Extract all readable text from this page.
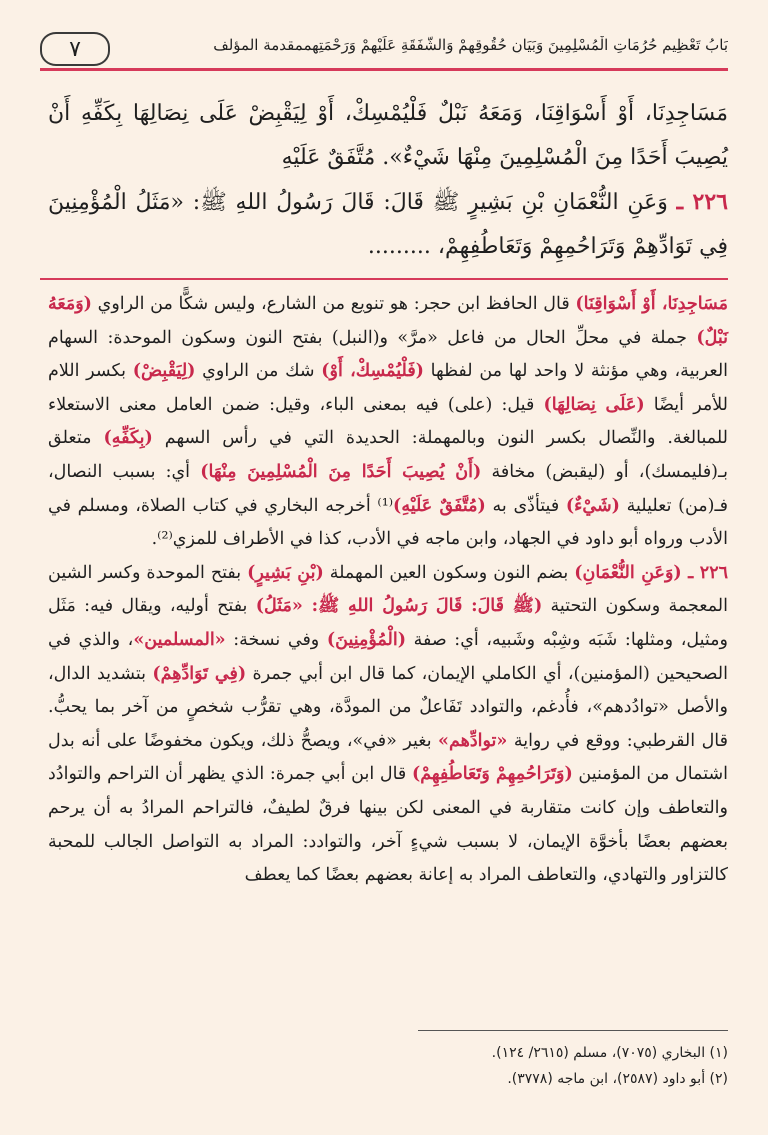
بَابُ تَعْظِيمِ حُرُمَاتِ الْمُسْلِمِينَ وَبَيَانِ حُقُوقِهِمْ وَالشَّفَقَةِ عَلَيْهِمْ وَرَحْمَتِهِممقدمة المؤلف
٧

مَسَاجِدِنَا، أَوْ أَسْوَاقِنَا، وَمَعَهُ نَبْلٌ فَلْيُمْسِكْ، أَوْ لِيَقْبِضْ عَلَى نِصَالِهَا بِكَفِّهِ أَنْ يُصِيبَ أَحَدًا مِنَ الْمُسْلِمِينَ مِنْهَا شَيْءٌ». مُتَّفَقٌ عَلَيْهِ

٢٢٦ ـ وَعَنِ النُّعْمَانِ بْنِ بَشِيرٍ ﷺ قَالَ: قَالَ رَسُولُ اللهِ ﷺ: «مَثَلُ الْمُؤْمِنِينَ فِي تَوَادِّهِمْ وَتَرَاحُمِهِمْ وَتَعَاطُفِهِمْ، .........

مَسَاجِدِنَا، أَوْ أَسْوَاقِنَا) قال الحافظ ابن حجر: هو تنويع من الشارع، وليس شكًّا من الراوي (وَمَعَهُ نَبْلٌ) جملة في محلِّ الحال من فاعل «مرَّ» و(النبل) بفتح النون وسكون الموحدة: السهام العربية، وهي مؤنثة لا واحد لها من لفظها (فَلْيُمْسِكْ، أَوْ) شك من الراوي (لِيَقْبِضْ) بكسر اللام للأمر أيضًا (عَلَى نِصَالِهَا) قيل: (على) فيه بمعنى الباء، وقيل: ضمن العامل معنى الاستعلاء للمبالغة. والنِّصال بكسر النون وبالمهملة: الحديدة التي في رأس السهم (بِكَفِّهِ) متعلق بـ(فليمسك)، أو (ليقبض) مخافة (أَنْ يُصِيبَ أَحَدًا مِنَ الْمُسْلِمِينَ مِنْهَا) أي: بسبب النصال، فـ(من) تعليلية (شَيْءٌ) فيتأذّى به (مُتَّفَقٌ عَلَيْهِ)⁽¹⁾ أخرجه البخاري في كتاب الصلاة، ومسلم في الأدب ورواه أبو داود في الجهاد، وابن ماجه في الأدب، كذا في الأطراف للمزي⁽²⁾.

٢٢٦ ـ (وَعَنِ النُّعْمَانِ) بضم النون وسكون العين المهملة (بْنِ بَشِيرٍ) بفتح الموحدة وكسر الشين المعجمة وسكون التحتية (ﷺ قَالَ: قَالَ رَسُولُ اللهِ ﷺ: «مَثَلُ) بفتح أوليه، ويقال فيه: مَثَل ومثيل، ومثلها: شَبَه وشِبْه وشَبيه، أي: صفة (الْمُؤْمِنِينَ) وفي نسخة: «المسلمين»، والذي في الصحيحين (المؤمنين)، أي الكاملي الإيمان، كما قال ابن أبي جمرة (فِي تَوَادِّهِمْ) بتشديد الدال، والأصل «توادُدهم»، فأُدغم، والتوادد تَفَاعلٌ من المودَّة، وهي تقرُّب شخصٍ من آخر بما يحبُّ. قال القرطبي: ووقع في رواية «توادِّهم» بغير «في»، ويصحُّ ذلك، ويكون مخفوضًا على أنه بدل اشتمال من المؤمنين (وَتَرَاحُمِهِمْ وَتَعَاطُفِهِمْ) قال ابن أبي جمرة: الذي يظهر أن التراحم والتوادُد والتعاطف وإن كانت متقاربة في المعنى لكن بينها فرقٌ لطيفٌ، فالتراحم المرادُ به أن يرحم بعضهم بعضًا بأخوَّة الإيمان، لا بسبب شيءٍ آخر، والتوادد: المراد به التواصل الجالب للمحبة كالتزاور والتهادي، والتعاطف المراد به إعانة بعضهم بعضًا كما يعطف

(١) البخاري (٧٠٧٥)، مسلم (٢٦١٥/ ١٢٤).

(٢) أبو داود (٢٥٨٧)، ابن ماجه (٣٧٧٨).
